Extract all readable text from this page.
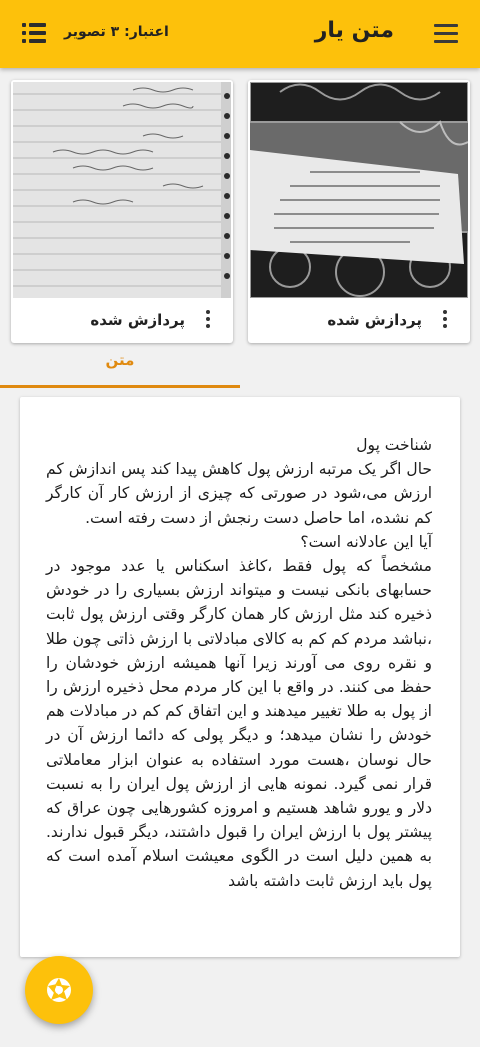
متن یار
اعتبار: ۳ تصویر
پردازش شده
پردازش شده
متن

شناخت پول

حال اگر یک مرتبه ارزش پول کاهش پیدا کند پس اندازش کم ارزش می،شود در صورتی که چیزی از ارزش کار آن کارگر کم نشده، اما حاصل دست رنجش از دست رفته است.

آیا این عادلانه است؟

مشخصاً که پول فقط ،کاغذ اسکناس یا عدد موجود در حسابهای بانکی نیست و میتواند ارزش بسیاری را در خودش ذخیره کند مثل ارزش کار همان کارگر وقتی ارزش پول ثابت ،نباشد مردم کم کم به کالای مبادلاتی با ارزش ذاتی چون طلا و نقره روی می آورند زیرا آنها همیشه ارزش خودشان را حفظ می کنند. در واقع با این کار مردم محل ذخیره ارزش را از پول به طلا تغییر میدهند و این اتفاق کم کم در مبادلات هم خودش را نشان میدهد؛ و دیگر پولی که دائما ارزش آن در حال نوسان ،هست مورد استفاده به عنوان ابزار معاملاتی قرار نمی گیرد. نمونه هایی از ارزش پول ایران را به نسبت دلار و یورو شاهد هستیم و امروزه کشورهایی چون عراق که پیشتر پول با ارزش ایران را قبول داشتند، دیگر قبول ندارند. به همین دلیل است در الگوی معیشت اسلام آمده است که پول باید ارزش ثابت داشته باشد
